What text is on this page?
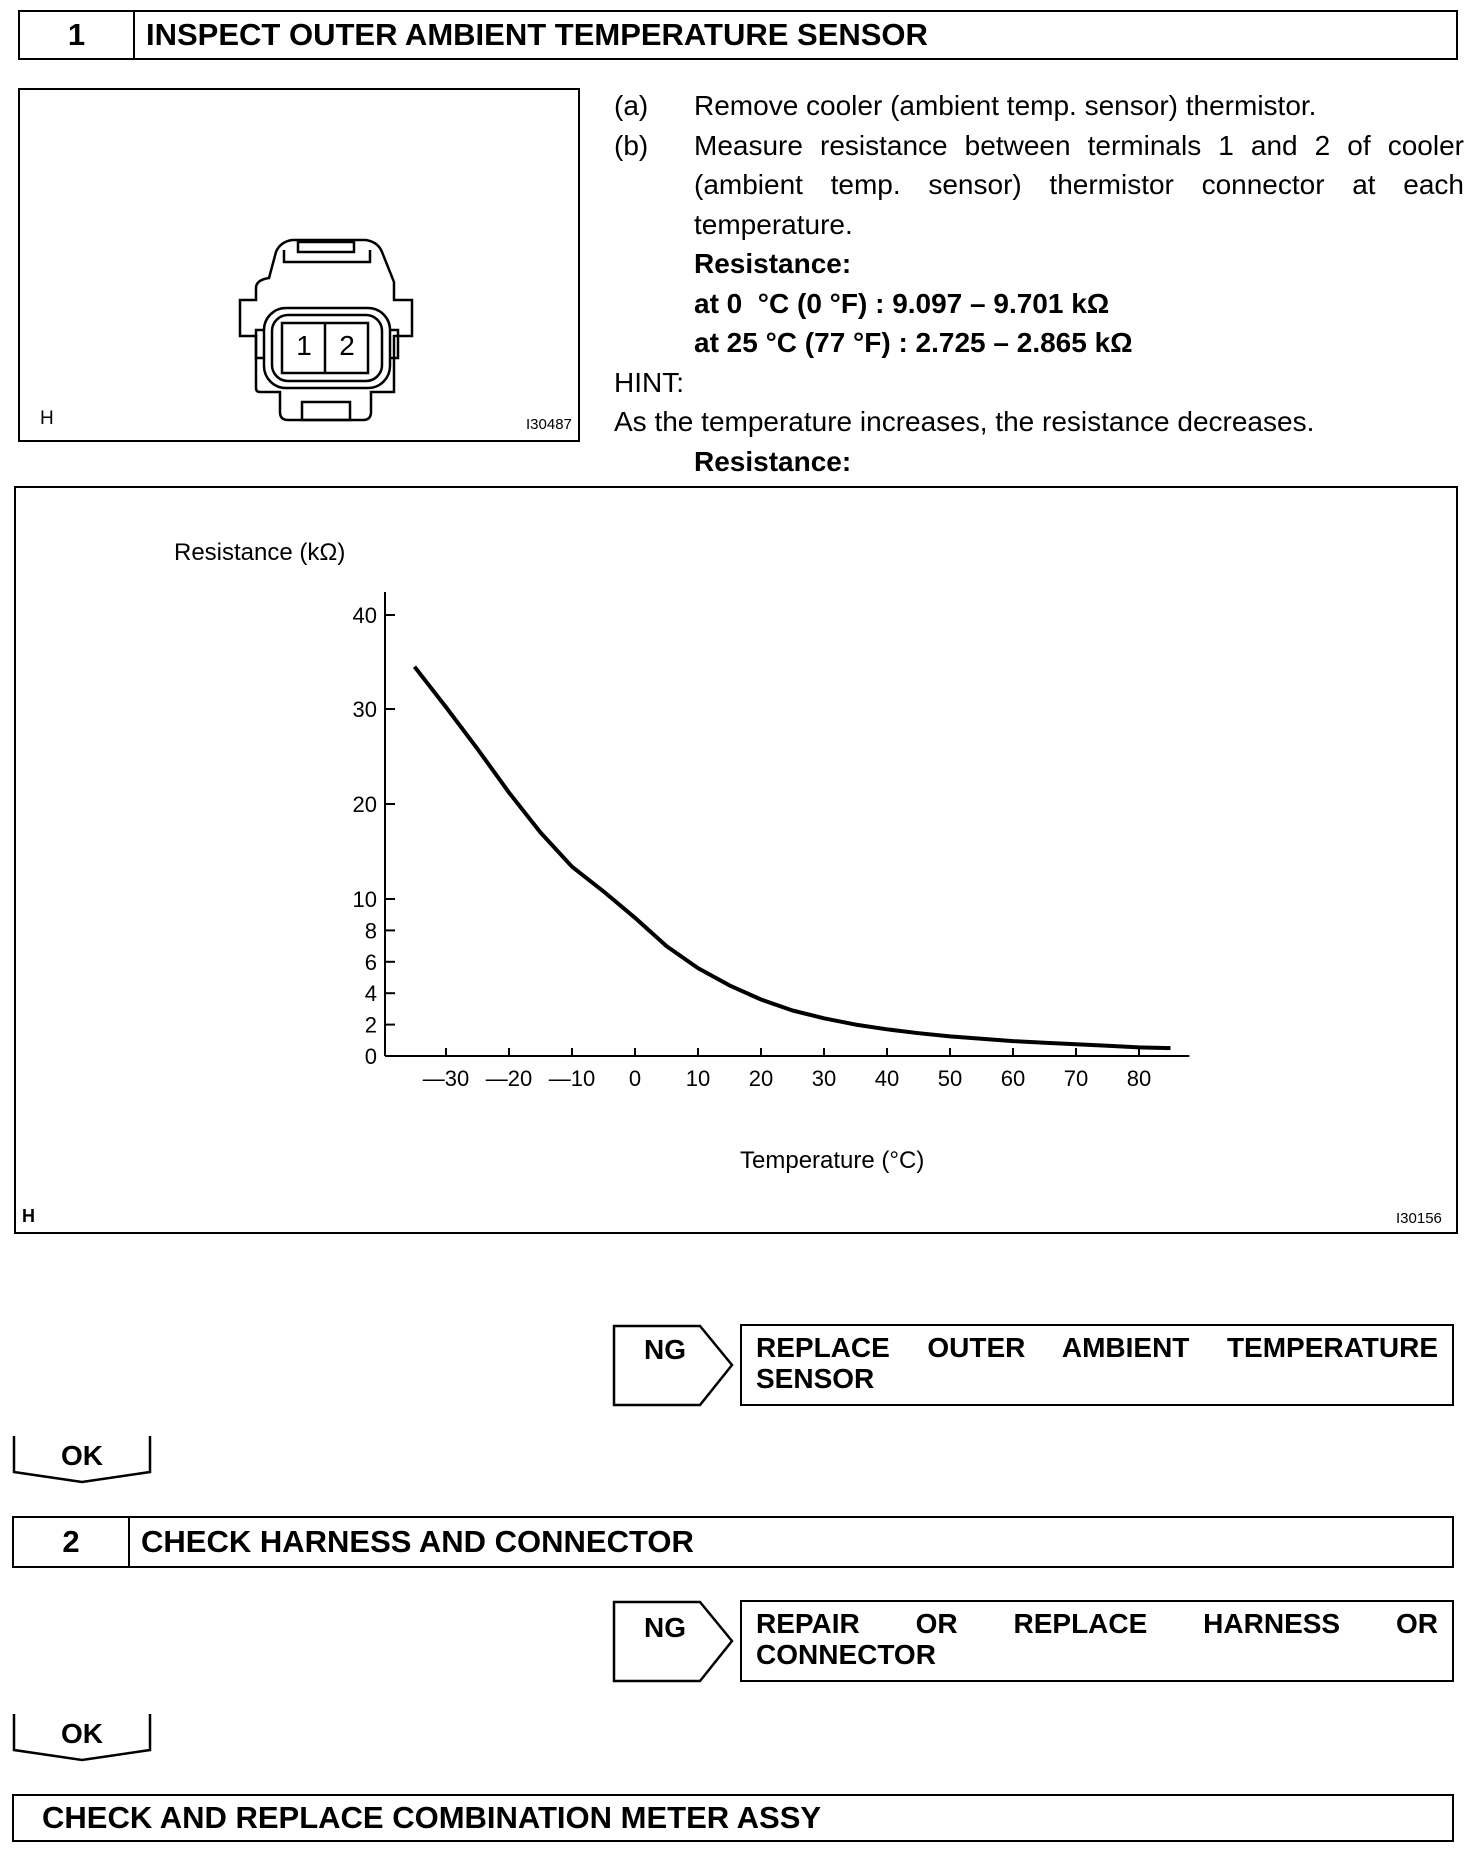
1	INSPECT OUTER AMBIENT TEMPERATURE SENSOR
1 2
H	I30487
(a)	Remove cooler (ambient temp. sensor) thermistor.
(b)	Measure resistance between terminals 1 and 2 of cooler (ambient temp. sensor) thermistor connector at each temperature.
Resistance:
at 0  °C (0 °F) : 9.097 – 9.701 kΩ
at 25 °C (77 °F) : 2.725 – 2.865 kΩ
HINT:
As the temperature increases, the resistance decreases.
Resistance:
0
2
4
6
8
10
20
30
40
—30 —20 —10 0 10 20 30 40 50 60 70 80
Resistance (kΩ)
Temperature (°C)
H	I30156
NG	REPLACE OUTER AMBIENT TEMPERATURE
SENSOR
OK
2	CHECK HARNESS AND CONNECTOR
NG	REPAIR OR REPLACE HARNESS OR
CONNECTOR
OK
CHECK AND REPLACE COMBINATION METER ASSY
